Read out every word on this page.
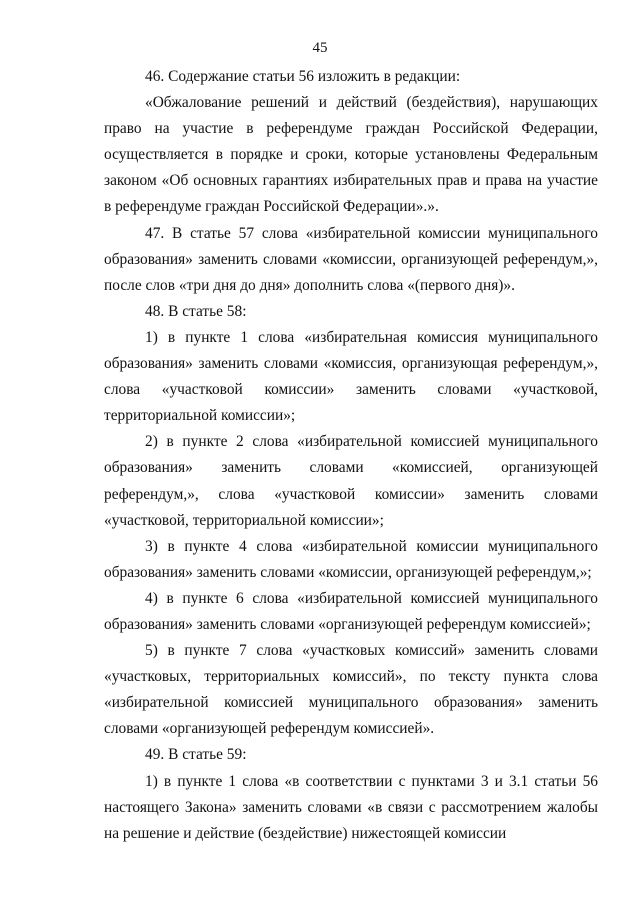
45

46. Содержание статьи 56 изложить в редакции:

«Обжалование решений и действий (бездействия), нарушающих право на участие в референдуме граждан Российской Федерации, осуществляется в порядке и сроки, которые установлены Федеральным законом «Об основных гарантиях избирательных прав и права на участие в референдуме граждан Российской Федерации».».

47. В статье 57 слова «избирательной комиссии муниципального образования» заменить словами «комиссии, организующей референдум,», после слов «три дня до дня» дополнить слова «(первого дня)».

48. В статье 58:

1) в пункте 1 слова «избирательная комиссия муниципального образования» заменить словами «комиссия, организующая референдум,», слова «участковой комиссии» заменить словами «участковой, территориальной комиссии»;

2) в пункте 2 слова «избирательной комиссией муниципального образования» заменить словами «комиссией, организующей референдум,», слова «участковой комиссии» заменить словами «участковой, территориальной комиссии»;

3) в пункте 4 слова «избирательной комиссии муниципального образования» заменить словами «комиссии, организующей референдум,»;

4) в пункте 6 слова «избирательной комиссией муниципального образования» заменить словами «организующей референдум комиссией»;

5) в пункте 7 слова «участковых комиссий» заменить словами «участковых, территориальных комиссий», по тексту пункта слова «избирательной комиссией муниципального образования» заменить словами «организующей референдум комиссией».

49. В статье 59:

1) в пункте 1 слова «в соответствии с пунктами 3 и 3.1 статьи 56 настоящего Закона» заменить словами «в связи с рассмотрением жалобы на решение и действие (бездействие) нижестоящей комиссии
